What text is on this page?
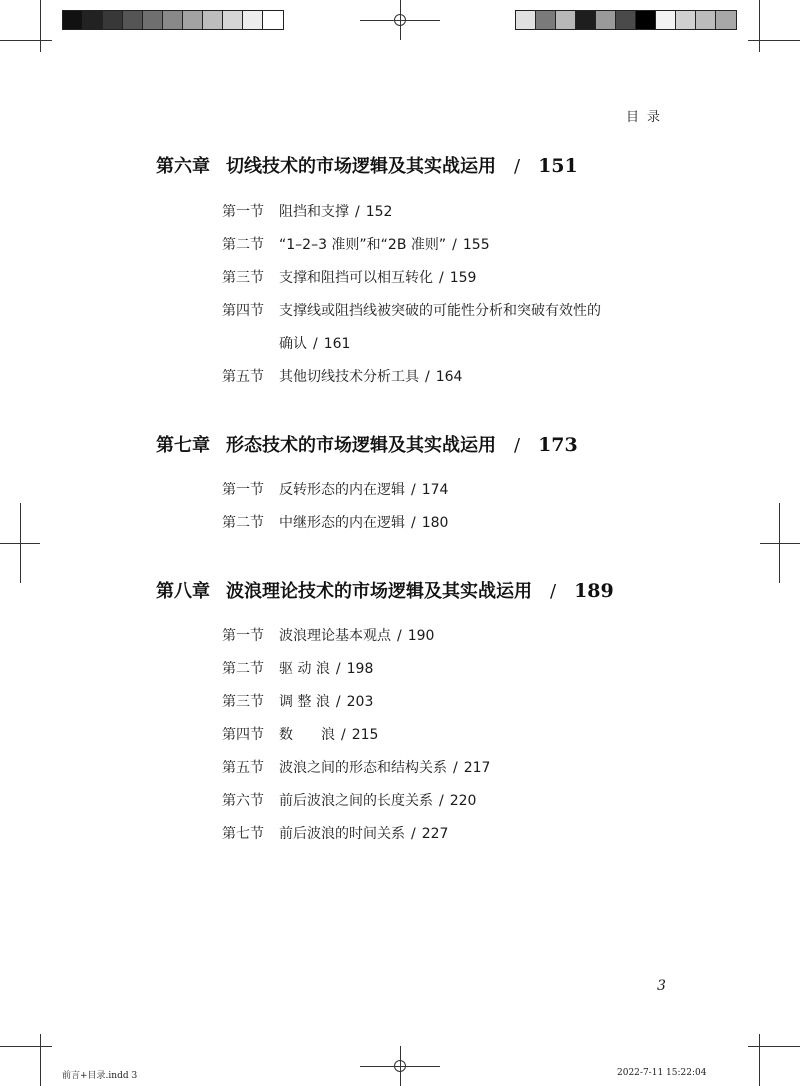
目录
第六章 切线技术的市场逻辑及其实战运用 / 151
第一节 阻挡和支撑 / 152
第二节 “1–2–3 准则”和“2B 准则” / 155
第三节 支撑和阻挡可以相互转化 / 159
第四节 支撑线或阻挡线被突破的可能性分析和突破有效性的
确认 / 161
第五节 其他切线技术分析工具 / 164
第七章 形态技术的市场逻辑及其实战运用 / 173
第一节 反转形态的内在逻辑 / 174
第二节 中继形态的内在逻辑 / 180
第八章 波浪理论技术的市场逻辑及其实战运用 / 189
第一节 波浪理论基本观点 / 190
第二节 驱 动 浪 / 198
第三节 调 整 浪 / 203
第四节 数　　浪 / 215
第五节 波浪之间的形态和结构关系 / 217
第六节 前后波浪之间的长度关系 / 220
第七节 前后波浪的时间关系 / 227
3
前言+目录.indd 3	2022-7-11 15:22:04
